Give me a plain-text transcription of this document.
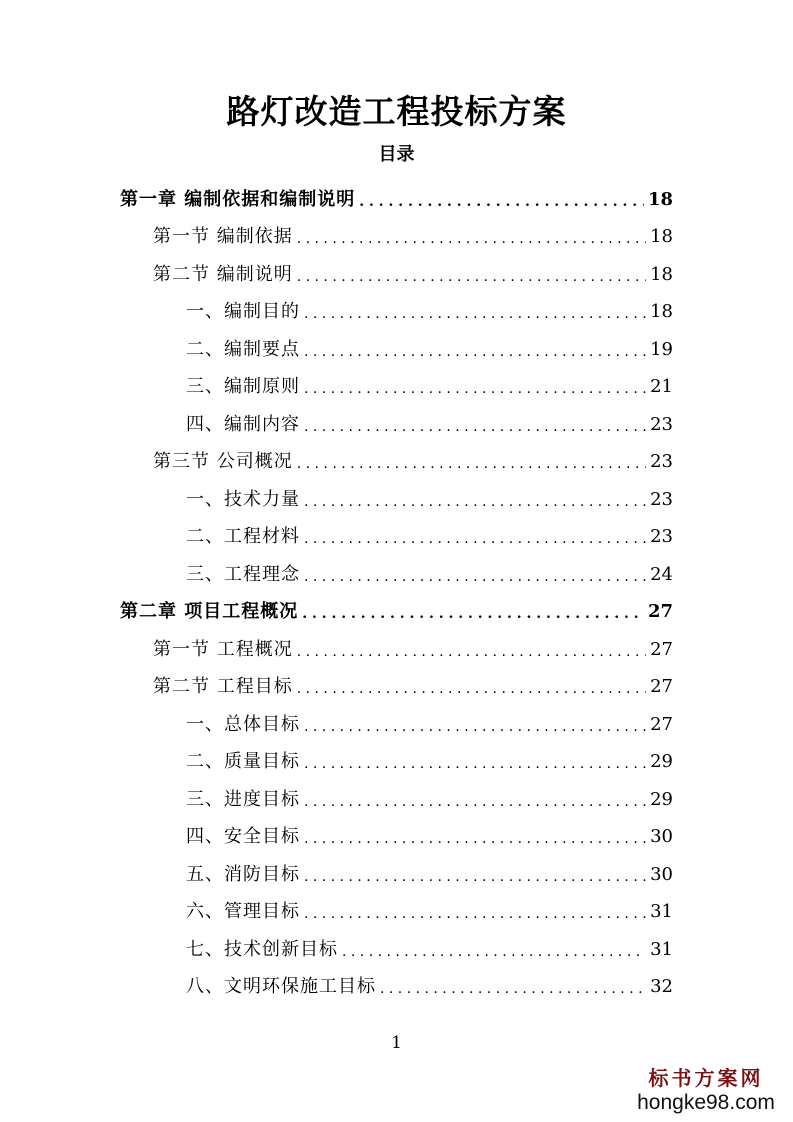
路灯改造工程投标方案
目录
第一章 编制依据和编制说明 . . .	18
第一节 编制依据 . . .	18
第二节 编制说明 . . .	18
一、编制目的 . . .	18
二、编制要点 . . .	19
三、编制原则 . . .	21
四、编制内容 . . .	23
第三节 公司概况 . . .	23
一、技术力量 . . .	23
二、工程材料 . . .	23
三、工程理念 . . .	24
第二章 项目工程概况 . . .	27
第一节 工程概况 . . .	27
第二节 工程目标 . . .	27
一、总体目标 . . .	27
二、质量目标 . . .	29
三、进度目标 . . .	29
四、安全目标 . . .	30
五、消防目标 . . .	30
六、管理目标 . . .	31
七、技术创新目标 . . .	31
八、文明环保施工目标 . . .	32
1
标书方案网
hongke98.com
